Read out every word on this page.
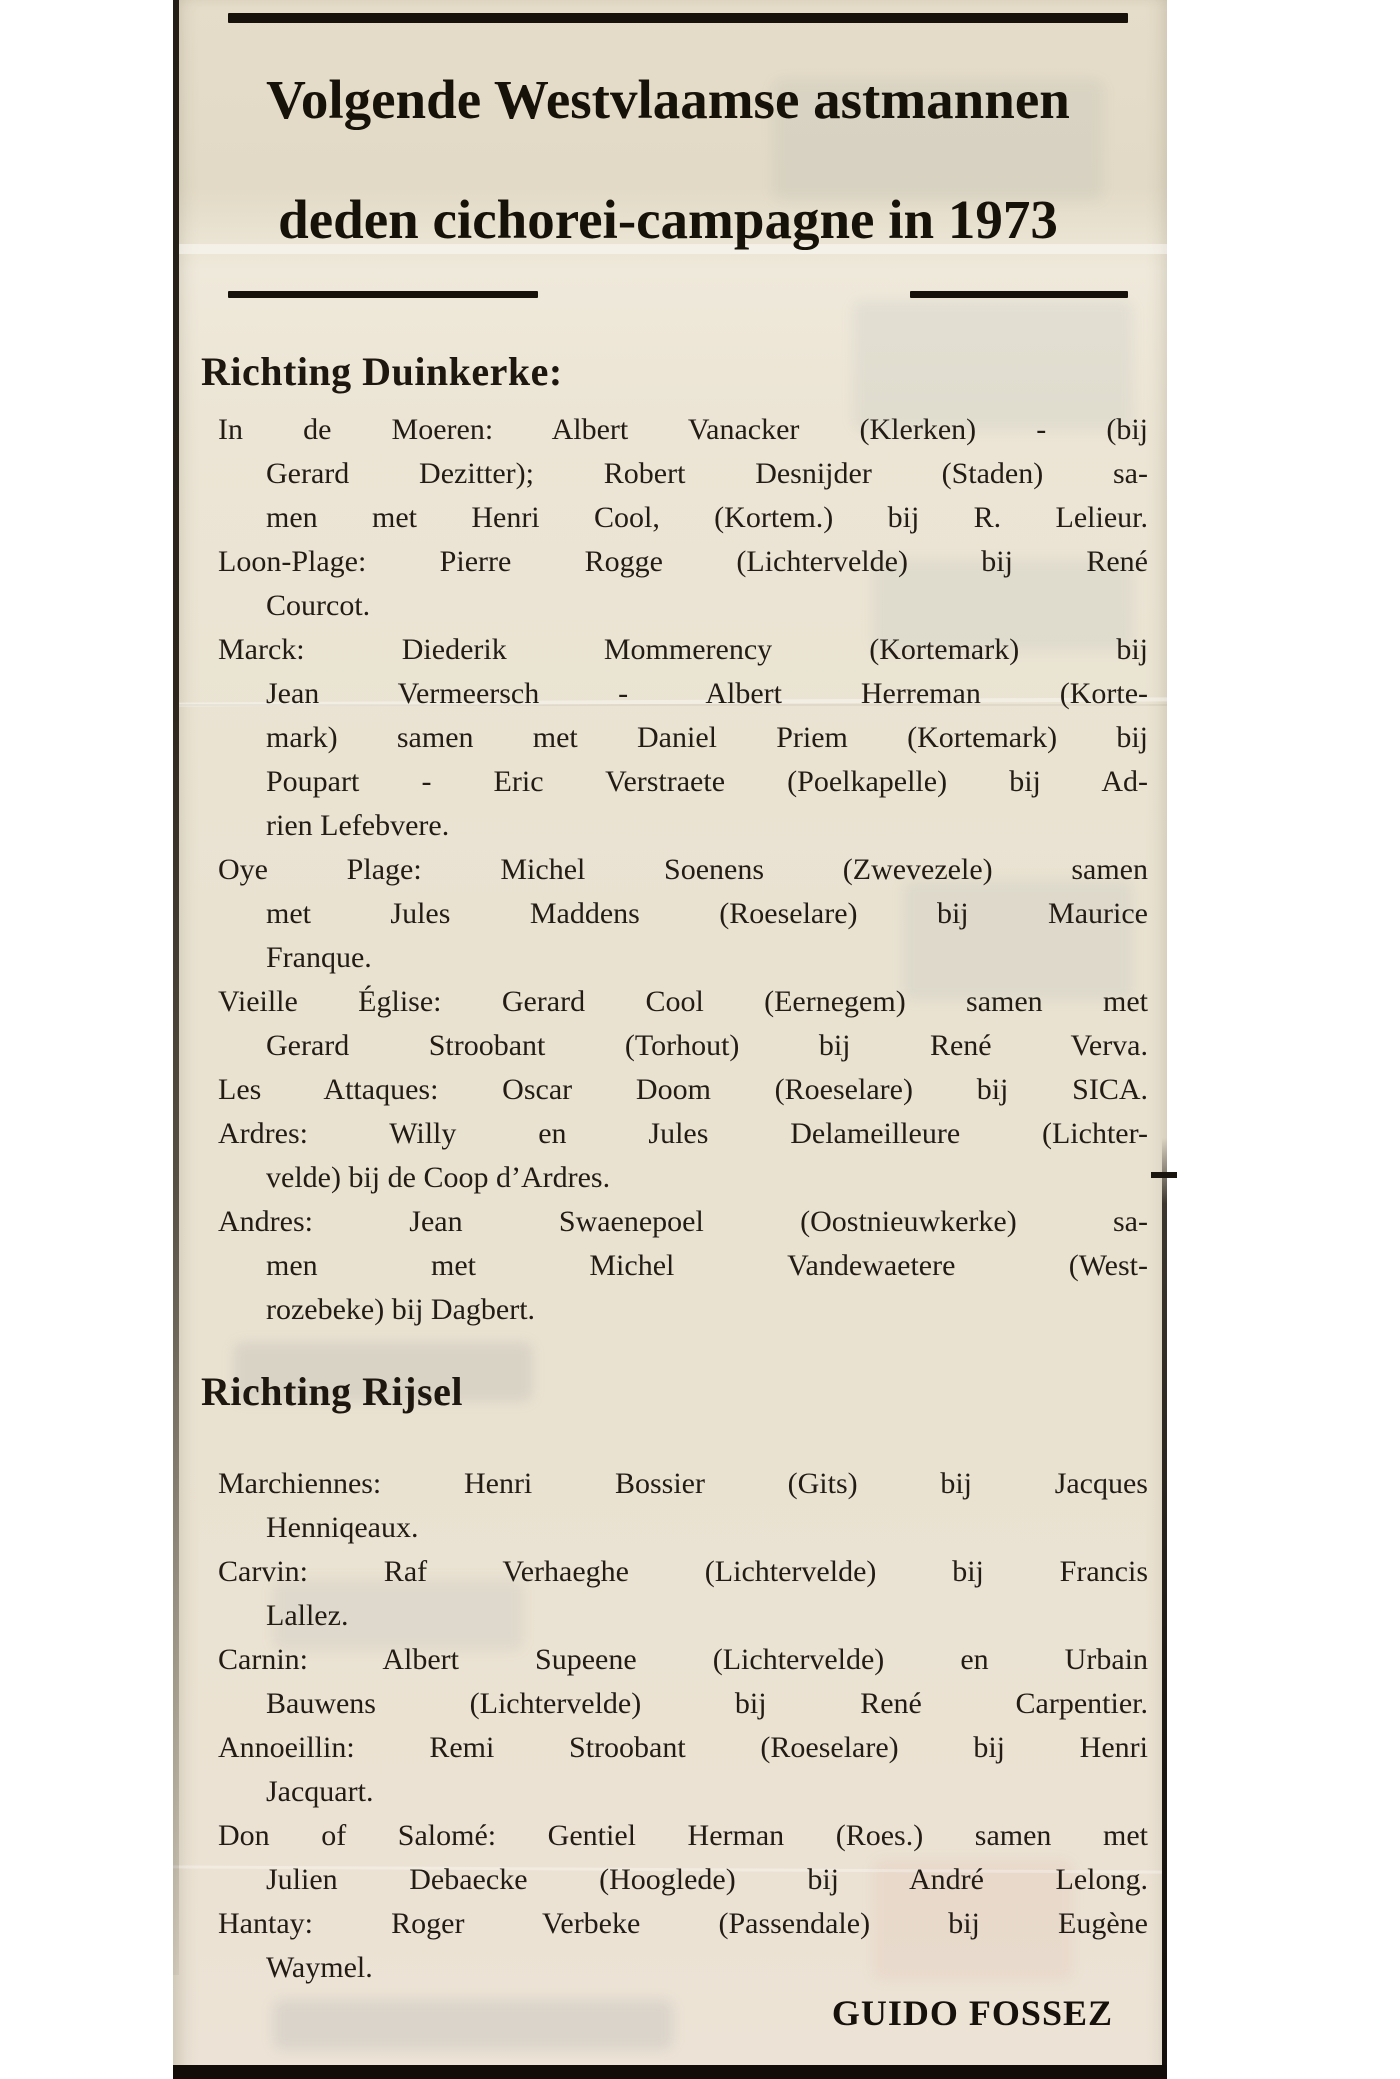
Volgende Westvlaamse astmannen
deden cichorei-campagne in 1973
Richting Duinkerke:
In de Moeren: Albert Vanacker (Klerken) - (bij
Gerard Dezitter); Robert Desnijder (Staden) sa-
men met Henri Cool, (Kortem.) bij R. Lelieur.
Loon-Plage: Pierre Rogge (Lichtervelde) bij René
Courcot.
Marck: Diederik Mommerency (Kortemark) bij
Jean Vermeersch - Albert Herreman (Korte-
mark) samen met Daniel Priem (Kortemark) bij
Poupart - Eric Verstraete (Poelkapelle) bij Ad-
rien Lefebvere.
Oye Plage: Michel Soenens (Zwevezele) samen
met Jules Maddens (Roeselare) bij Maurice
Franque.
Vieille Église: Gerard Cool (Eernegem) samen met
Gerard Stroobant (Torhout) bij René Verva.
Les Attaques: Oscar Doom (Roeselare) bij SICA.
Ardres: Willy en Jules Delameilleure (Lichter-
velde) bij de Coop d’Ardres.
Andres: Jean Swaenepoel (Oostnieuwkerke) sa-
men met Michel Vandewaetere (West-
rozebeke) bij Dagbert.
Richting Rijsel
Marchiennes: Henri Bossier (Gits) bij Jacques
Henniqeaux.
Carvin: Raf Verhaeghe (Lichtervelde) bij Francis
Lallez.
Carnin: Albert Supeene (Lichtervelde) en Urbain
Bauwens (Lichtervelde) bij René Carpentier.
Annoeillin: Remi Stroobant (Roeselare) bij Henri
Jacquart.
Don of Salomé: Gentiel Herman (Roes.) samen met
Julien Debaecke (Hooglede) bij André Lelong.
Hantay: Roger Verbeke (Passendale) bij Eugène
Waymel.
GUIDO FOSSEZ
